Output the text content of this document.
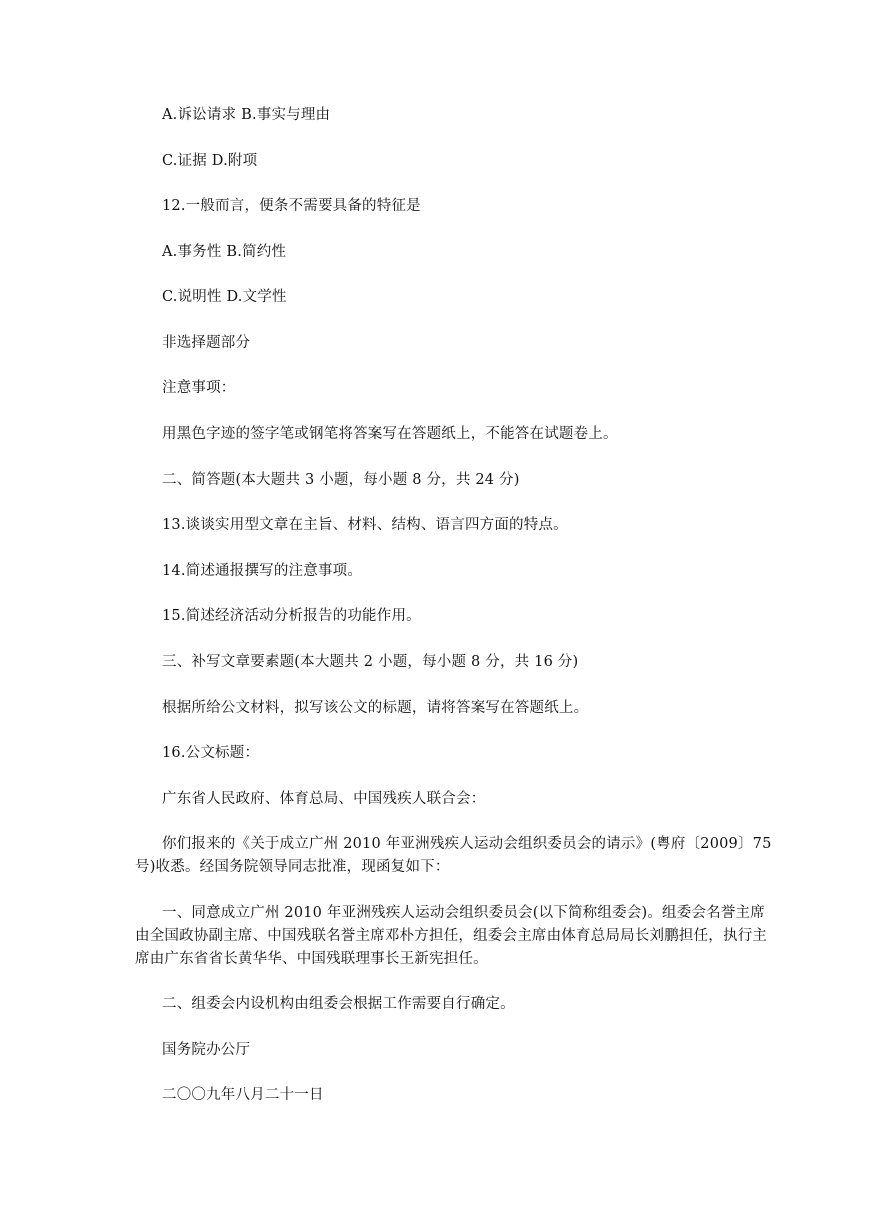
A.诉讼请求 B.事实与理由
C.证据 D.附项
12.一般而言，便条不需要具备的特征是
A.事务性 B.简约性
C.说明性 D.文学性
非选择题部分
注意事项：
用黑色字迹的签字笔或钢笔将答案写在答题纸上，不能答在试题卷上。
二、简答题(本大题共 3 小题，每小题 8 分，共 24 分)
13.谈谈实用型文章在主旨、材料、结构、语言四方面的特点。
14.简述通报撰写的注意事项。
15.简述经济活动分析报告的功能作用。
三、补写文章要素题(本大题共 2 小题，每小题 8 分，共 16 分)
根据所给公文材料，拟写该公文的标题，请将答案写在答题纸上。
16.公文标题：
广东省人民政府、体育总局、中国残疾人联合会：
你们报来的《关于成立广州 2010 年亚洲残疾人运动会组织委员会的请示》(粤府〔2009〕75 号)收悉。经国务院领导同志批准，现函复如下：
一、同意成立广州 2010 年亚洲残疾人运动会组织委员会(以下简称组委会)。组委会名誉主席由全国政协副主席、中国残联名誉主席邓朴方担任，组委会主席由体育总局局长刘鹏担任，执行主席由广东省省长黄华华、中国残联理事长王新宪担任。
二、组委会内设机构由组委会根据工作需要自行确定。
国务院办公厅
二〇〇九年八月二十一日
